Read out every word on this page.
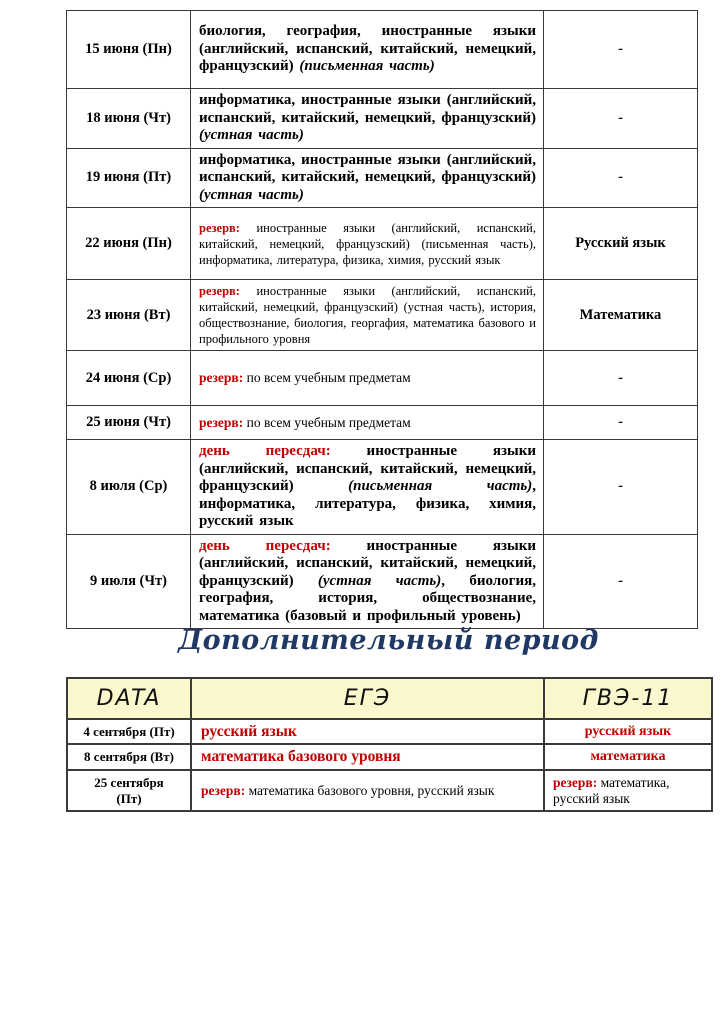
15 июня (Пн)	биология, география, иностранные языки (английский, испанский, китайский, немецкий, французский) (письменная часть)	-
18 июня (Чт)	информатика, иностранные языки (английский, испанский, китайский, немецкий, французский) (устная часть)	-
19 июня (Пт)	информатика, иностранные языки (английский, испанский, китайский, немецкий, французский) (устная часть)	-
22 июня (Пн)	резерв: иностранные языки (английский, испанский, китайский, немецкий, французский) (письменная часть), информатика, литература, физика, химия, русский язык	Русский язык
23 июня (Вт)	резерв: иностранные языки (английский, испанский, китайский, немецкий, французский) (устная часть), история, обществознание, биология, георгафия, математика базового и профильного уровня	Математика
24 июня (Ср)	резерв: по всем учебным предметам	-
25 июня (Чт)	резерв: по всем учебным предметам	-
8 июля (Ср)	день пересдач: иностранные языки (английский, испанский, китайский, немецкий, французский) (письменная часть), информатика, литература, физика, химия, русский язык	-
9 июля (Чт)	день пересдач: иностранные языки (английский, испанский, китайский, немецкий, французский) (устная часть), биология, география, история, обществознание, математика (базовый и профильный уровень)	-
Дополнительный период
DATA	ЕГЭ	ГВЭ-11
4 сентября (Пт)	русский язык	русский язык
8 сентября (Вт)	математика базового уровня	математика
25 сентября (Пт)	резерв: математика базового уровня, русский язык	резерв: математика, русский язык
